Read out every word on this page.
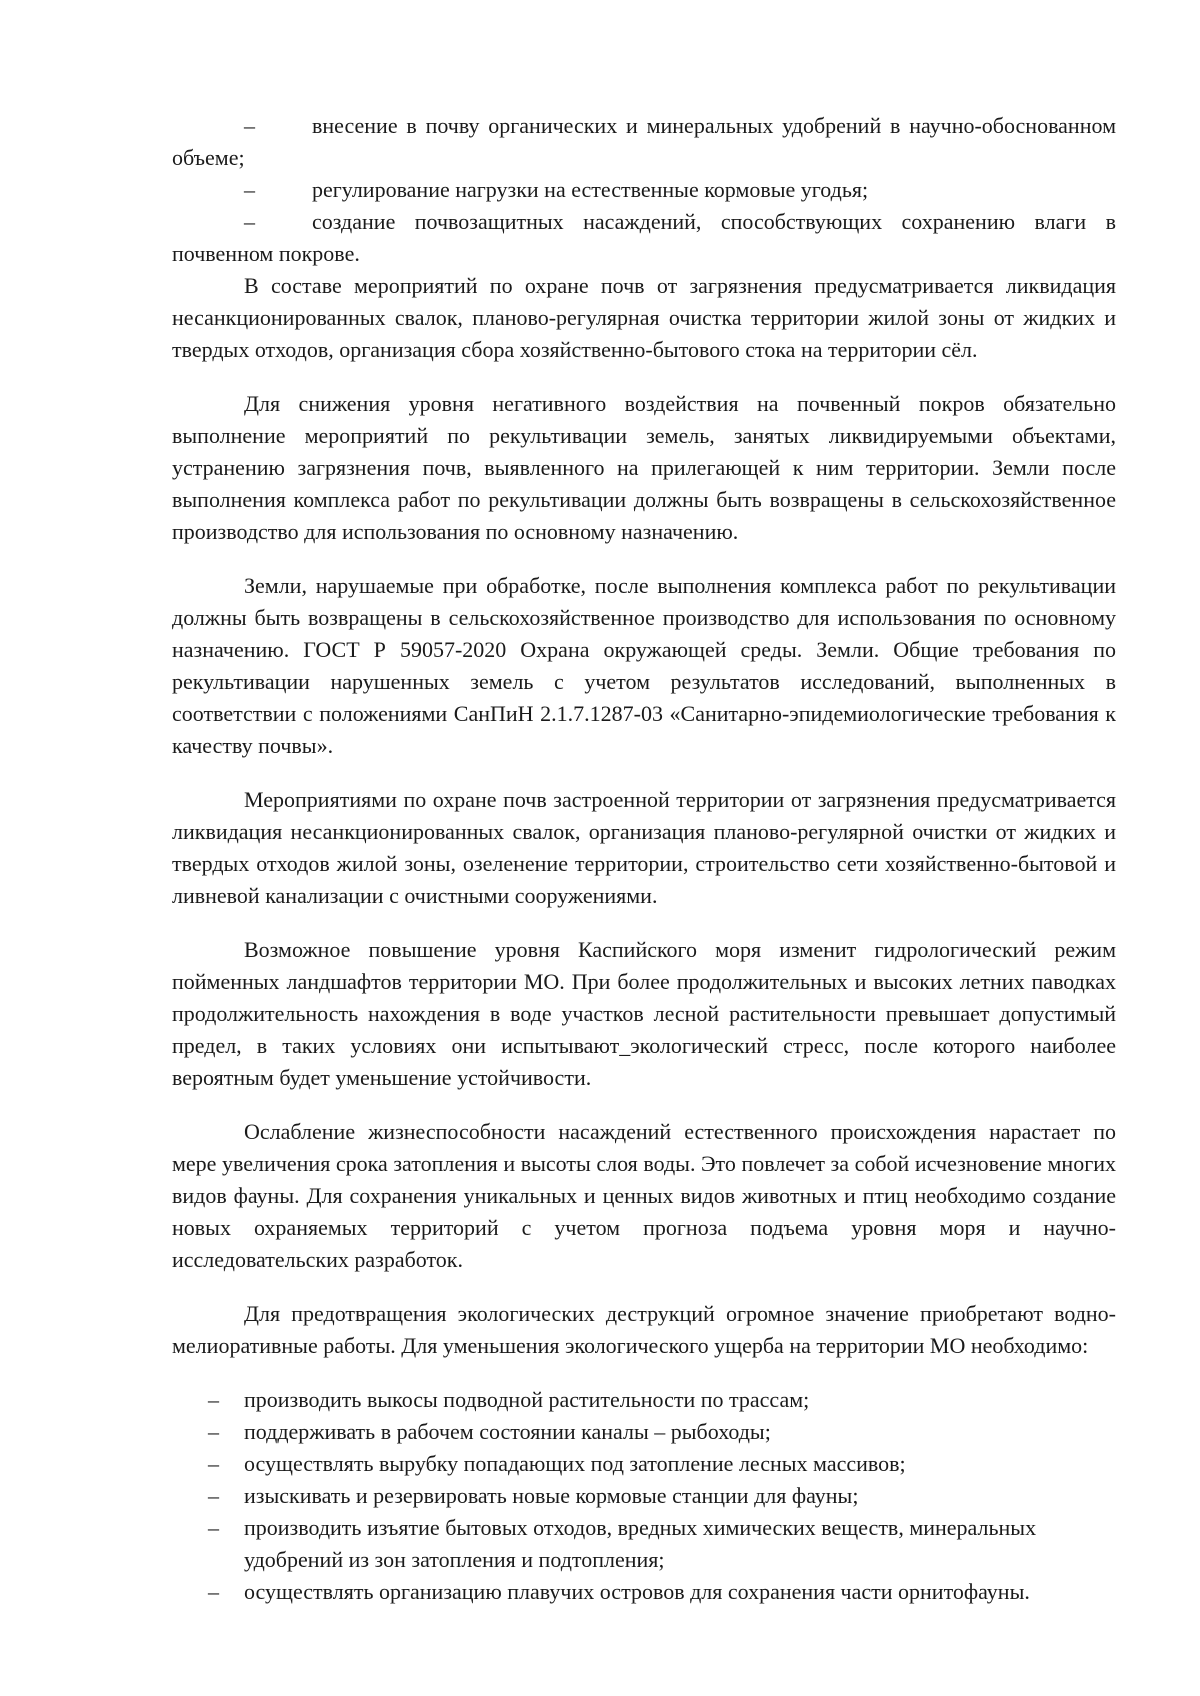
–	внесение в почву органических и минеральных удобрений в научно-обоснованном объеме;
–	регулирование нагрузки на естественные кормовые угодья;
–	создание почвозащитных насаждений, способствующих сохранению влаги в почвенном покрове.

В составе мероприятий по охране почв от загрязнения предусматривается ликвидация несанкционированных свалок, планово-регулярная очистка территории жилой зоны от жидких и твердых отходов, организация сбора хозяйственно-бытового стока на территории сёл.

Для снижения уровня негативного воздействия на почвенный покров обязательно выполнение мероприятий по рекультивации земель, занятых ликвидируемыми объектами, устранению загрязнения почв, выявленного на прилегающей к ним территории. Земли после выполнения комплекса работ по рекультивации должны быть возвращены в сельскохозяйственное производство для использования по основному назначению.

Земли, нарушаемые при обработке, после выполнения комплекса работ по рекультивации должны быть возвращены в сельскохозяйственное производство для использования по основному назначению. ГОСТ Р 59057-2020 Охрана окружающей среды. Земли. Общие требования по рекультивации нарушенных земель с учетом результатов исследований, выполненных в соответствии с положениями СанПиН 2.1.7.1287-03 «Санитарно-эпидемиологические требования к качеству почвы».

Мероприятиями по охране почв застроенной территории от загрязнения предусматривается ликвидация несанкционированных свалок, организация планово-регулярной очистки от жидких и твердых отходов жилой зоны, озеленение территории, строительство сети хозяйственно-бытовой и ливневой канализации с очистными сооружениями.

Возможное повышение уровня Каспийского моря изменит гидрологический режим пойменных ландшафтов территории МО. При более продолжительных и высоких летних паводках продолжительность нахождения в воде участков лесной растительности превышает допустимый предел, в таких условиях они испытывают_экологический стресс, после которого наиболее вероятным будет уменьшение устойчивости.

Ослабление жизнеспособности насаждений естественного происхождения нарастает по мере увеличения срока затопления и высоты слоя воды. Это повлечет за собой исчезновение многих видов фауны. Для сохранения уникальных и ценных видов животных и птиц необходимо создание новых охраняемых территорий с учетом прогноза подъема уровня моря и научно-исследовательских разработок.

Для предотвращения экологических деструкций огромное значение приобретают водно-мелиоративные работы. Для уменьшения экологического ущерба на территории МО необходимо:

– производить выкосы подводной растительности по трассам;
– поддерживать в рабочем состоянии каналы – рыбоходы;
– осуществлять вырубку попадающих под затопление лесных массивов;
– изыскивать и резервировать новые кормовые станции для фауны;
– производить изъятие бытовых отходов, вредных химических веществ, минеральных удобрений из зон затопления и подтопления;
– осуществлять организацию плавучих островов для сохранения части орнитофауны.
